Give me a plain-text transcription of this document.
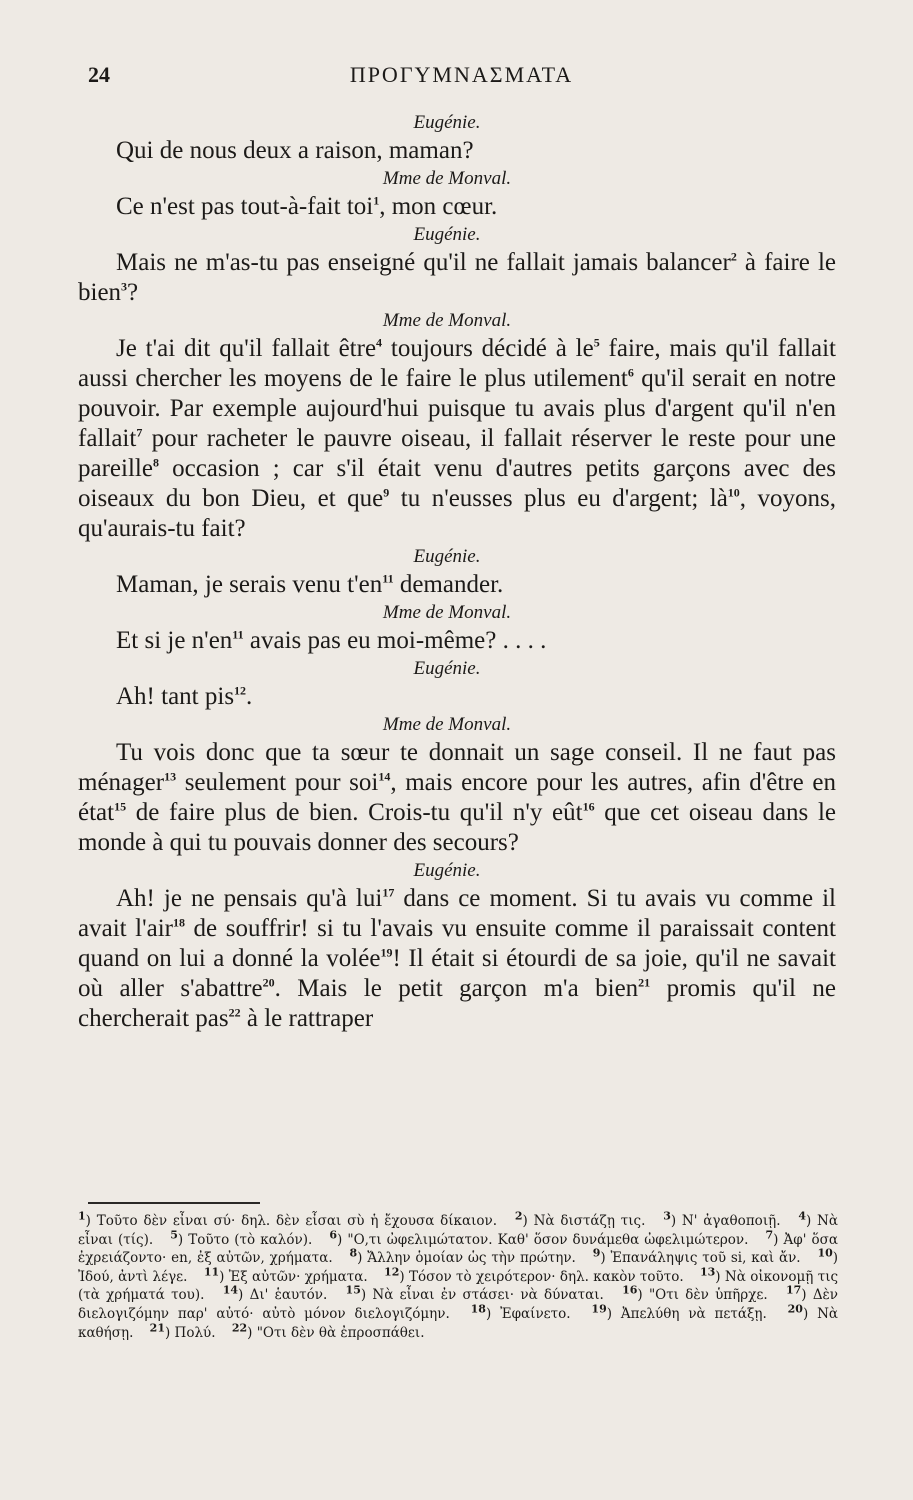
24	ΠΡΟΓΥΜΝΑΣΜΑΤΑ
Eugénie.
Qui de nous deux a raison, maman?
Mme de Monval.
Ce n'est pas tout-à-fait toi$^1$, mon cœur.
Eugénie.
Mais ne m'as-tu pas enseigné qu'il ne fallait jamais balancer$^2$ à faire le bien$^3$?
Mme de Monval.
Je t'ai dit qu'il fallait être$^4$ toujours décidé à $le^5$ faire, mais qu'il fallait aussi chercher les moyens de le faire le plus utilement$^6$ qu'il serait en notre pouvoir. Par exemple aujourd'hui puisque tu avais plus d'argent qu'il n'en fallait$^7$ pour racheter le pauvre oiseau, il fallait réserver le reste pour une pareille$^8$ occasion ; car s'il était venu d'autres petits garçons avec des oiseaux du bon Dieu, et que$^9$ tu n'eusses plus eu d'argent; $là^{10}$, voyons, qu'aurais-tu fait?
Eugénie.
Maman, je serais venu $t'en^{11}$ demander.
Mme de Monval.
Et si je $n'en^{11}$ avais pas eu moi-même? . . . .
Eugénie.
Ah! tant pis$^{12}$.
Mme de Monval.
Tu vois donc que ta sœur te donnait un sage conseil. Il ne faut pas ménager$^{13}$ seulement pour soi$^{14}$, mais encore pour les autres, afin d'être en état$^{15}$ de faire plus de bien. Crois-tu qu'il n'y eût$^{16}$ que cet oiseau dans le monde à qui tu pouvais donner des secours?
Eugénie.
Ah! je ne pensais qu'à lui$^{17}$ dans ce moment. Si tu avais vu comme il avait l'air$^{18}$ de souffrir! si tu l'avais vu ensuite comme il paraissait content quand on lui a donné la volée$^{19}$! Il était si étourdi de sa joie, qu'il ne savait où aller s'abattre$^{20}$. Mais le petit garçon m'a bien$^{21}$ promis qu'il ne chercherait pas$^{22}$ à le rattraper
$^1$) Τοῦτο δὲν εἶναι σύ· δηλ. δὲν εἶσαι σὺ ἡ ἔχουσα δίκαιον. $^2$) Νὰ διστάζῃ τις. $^3$) Ν' ἀγαθοποιῇ. $^4$) Νὰ εἶναι (τίς). $^5$) Τοῦτο (τὸ καλόν). $^6$) "Ο,τι ὠφελιμώτατον. Καθ' ὅσον δυνάμεθα ὠφελιμώτερον. $^7$) Ἀφ' ὅσα ἐχρειάζοντο· en, ἐξ αὐτῶν, χρήματα. $^8$) Ἄλλην ὁμοίαν ὡς τὴν πρώτην. $^9$) Ἐπανάληψις τοῦ si, καὶ ἄν. $^{10}$) Ἰδού, ἀντὶ λέγε. $^{11}$) Ἐξ αὐτῶν· χρήματα. $^{12}$) Τόσον τὸ χειρότερον· δηλ. κακὸν τοῦτο. $^{13}$) Νὰ οἰκονομῇ τις (τὰ χρήματά του). $^{14}$) Δι' ἑαυτόν. $^{15}$) Νὰ εἶναι ἐν στάσει· νὰ δύναται. $^{16}$) "Οτι δὲν ὑπῆρχε. $^{17}$) Δὲν διελογιζόμην παρ' αὐτό· αὐτὸ μόνον διελογιζόμην. $^{18}$) Ἐφαίνετο. $^{19}$) Ἀπελύθη νὰ πετάξῃ. $^{20}$) Νὰ καθήσῃ. $^{21}$) Πολύ. $^{22}$) "Οτι δὲν θὰ ἐπροσπάθει.
